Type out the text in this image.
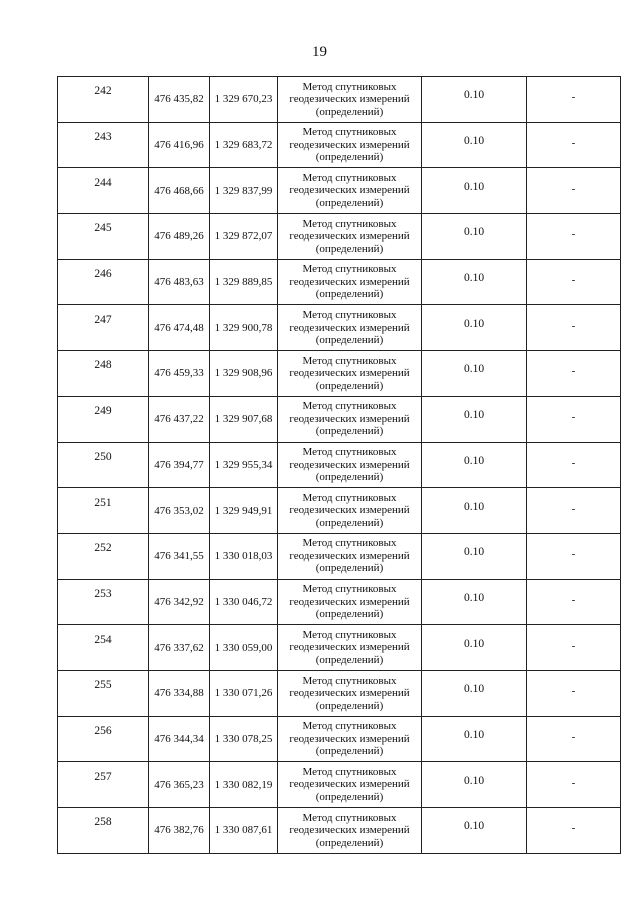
19
242	476 435,82	1 329 670,23	Метод спутниковых
геодезических измерений
(определений)	0.10	-
243	476 416,96	1 329 683,72	Метод спутниковых
геодезических измерений
(определений)	0.10	-
244	476 468,66	1 329 837,99	Метод спутниковых
геодезических измерений
(определений)	0.10	-
245	476 489,26	1 329 872,07	Метод спутниковых
геодезических измерений
(определений)	0.10	-
246	476 483,63	1 329 889,85	Метод спутниковых
геодезических измерений
(определений)	0.10	-
247	476 474,48	1 329 900,78	Метод спутниковых
геодезических измерений
(определений)	0.10	-
248	476 459,33	1 329 908,96	Метод спутниковых
геодезических измерений
(определений)	0.10	-
249	476 437,22	1 329 907,68	Метод спутниковых
геодезических измерений
(определений)	0.10	-
250	476 394,77	1 329 955,34	Метод спутниковых
геодезических измерений
(определений)	0.10	-
251	476 353,02	1 329 949,91	Метод спутниковых
геодезических измерений
(определений)	0.10	-
252	476 341,55	1 330 018,03	Метод спутниковых
геодезических измерений
(определений)	0.10	-
253	476 342,92	1 330 046,72	Метод спутниковых
геодезических измерений
(определений)	0.10	-
254	476 337,62	1 330 059,00	Метод спутниковых
геодезических измерений
(определений)	0.10	-
255	476 334,88	1 330 071,26	Метод спутниковых
геодезических измерений
(определений)	0.10	-
256	476 344,34	1 330 078,25	Метод спутниковых
геодезических измерений
(определений)	0.10	-
257	476 365,23	1 330 082,19	Метод спутниковых
геодезических измерений
(определений)	0.10	-
258	476 382,76	1 330 087,61	Метод спутниковых
геодезических измерений
(определений)	0.10	-
